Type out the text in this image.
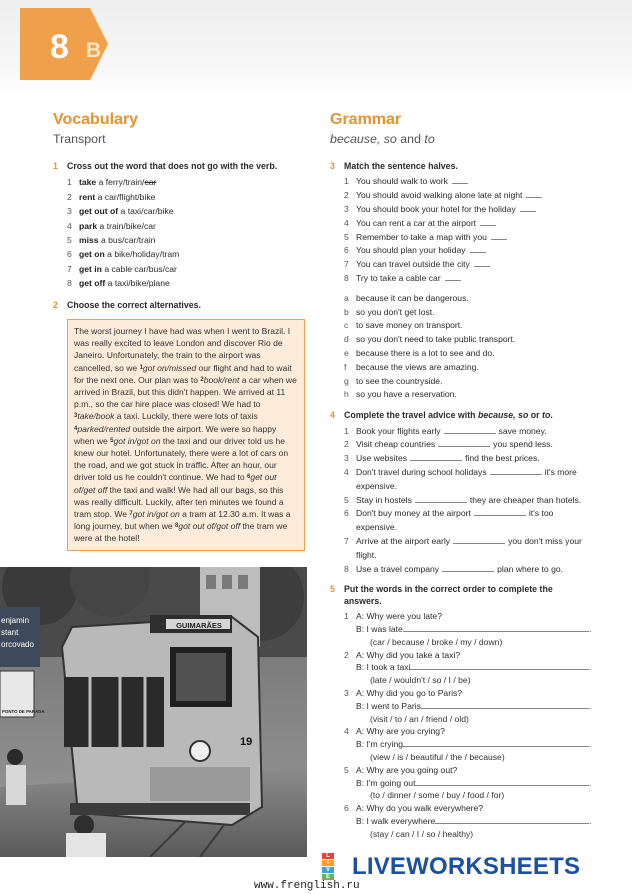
8 B
Vocabulary
Transport
1 Cross out the word that does not go with the verb.
1 take a ferry/train/car
2 rent a car/flight/bike
3 get out of a taxi/car/bike
4 park a train/bike/car
5 miss a bus/car/train
6 get on a bike/holiday/tram
7 get in a cable car/bus/car
8 get off a taxi/bike/plane
2 Choose the correct alternatives.
The worst journey I have had was when I went to Brazil. I was really excited to leave London and discover Rio de Janeiro. Unfortunately, the train to the airport was cancelled, so we $^1$got on/missed our flight and had to wait for the next one. Our plan was to $^2$book/rent a car when we arrived in Brazil, but this didn't happen. We arrived at 11 p.m., so the car hire place was closed! We had to $^3$take/book a taxi. Luckily, there were lots of taxis $^4$parked/rented outside the airport. We were so happy when we $^5$got in/got on the taxi and our driver told us he knew our hotel. Unfortunately, there were a lot of cars on the road, and we got stuck in traffic. After an hour, our driver told us he couldn't continue. We had to $^6$get out of/get off the taxi and walk! We had all our bags, so this was really difficult. Luckily, after ten minutes we found a tram stop. We $^7$got in/got on a tram at 12.30 a.m. It was a long journey, but when we $^8$got out of/got off the tram we were at the hotel!
GUIMARÃES
19
enjamin
stant
orcovado
PONTO DE PARADA
Grammar
because, so and to
3 Match the sentence halves.
1 You should walk to work
2 You should avoid walking alone late at night
3 You should book your hotel for the holiday
4 You can rent a car at the airport
5 Remember to take a map with you
6 You should plan your holiday
7 You can travel outside the city
8 Try to take a cable car
a because it can be dangerous.
b so you don't get lost.
c to save money on transport.
d so you don't need to take public transport.
e because there is a lot to see and do.
f because the views are amazing.
g to see the countryside.
h so you have a reservation.
4 Complete the travel advice with because, so or to.
1 Book your flights early	save money.
2 Visit cheap countries	you spend less.
3 Use websites	find the best prices.
4 Don't travel during school holidays	it's more expensive.
5 Stay in hostels	they are cheaper than hotels.
6 Don't buy money at the airport	it's too expensive.
7 Arrive at the airport early	you don't miss your flight.
8 Use a travel company	plan where to go.
5 Put the words in the correct order to complete the answers.
1 A: Why were you late?
B: I was late	.
(car / because / broke / my / down)
2 A: Why did you take a taxi?
B: I took a taxi	.
(late / wouldn't / so / I / be)
3 A: Why did you go to Paris?
B: I went to Paris	.
(visit / to / an / friend / old)
4 A: Why are you crying?
B: I'm crying	.
(view / is / beautiful / the / because)
5 A: Why are you going out?
B: I'm going out	.
(to / dinner / some / buy / food / for)
6 A: Why do you walk everywhere?
B: I walk everywhere	.
(stay / can / I / so / healthy)
L
I
V
E LIVEWORKSHEETS
www.frenglish.ru
